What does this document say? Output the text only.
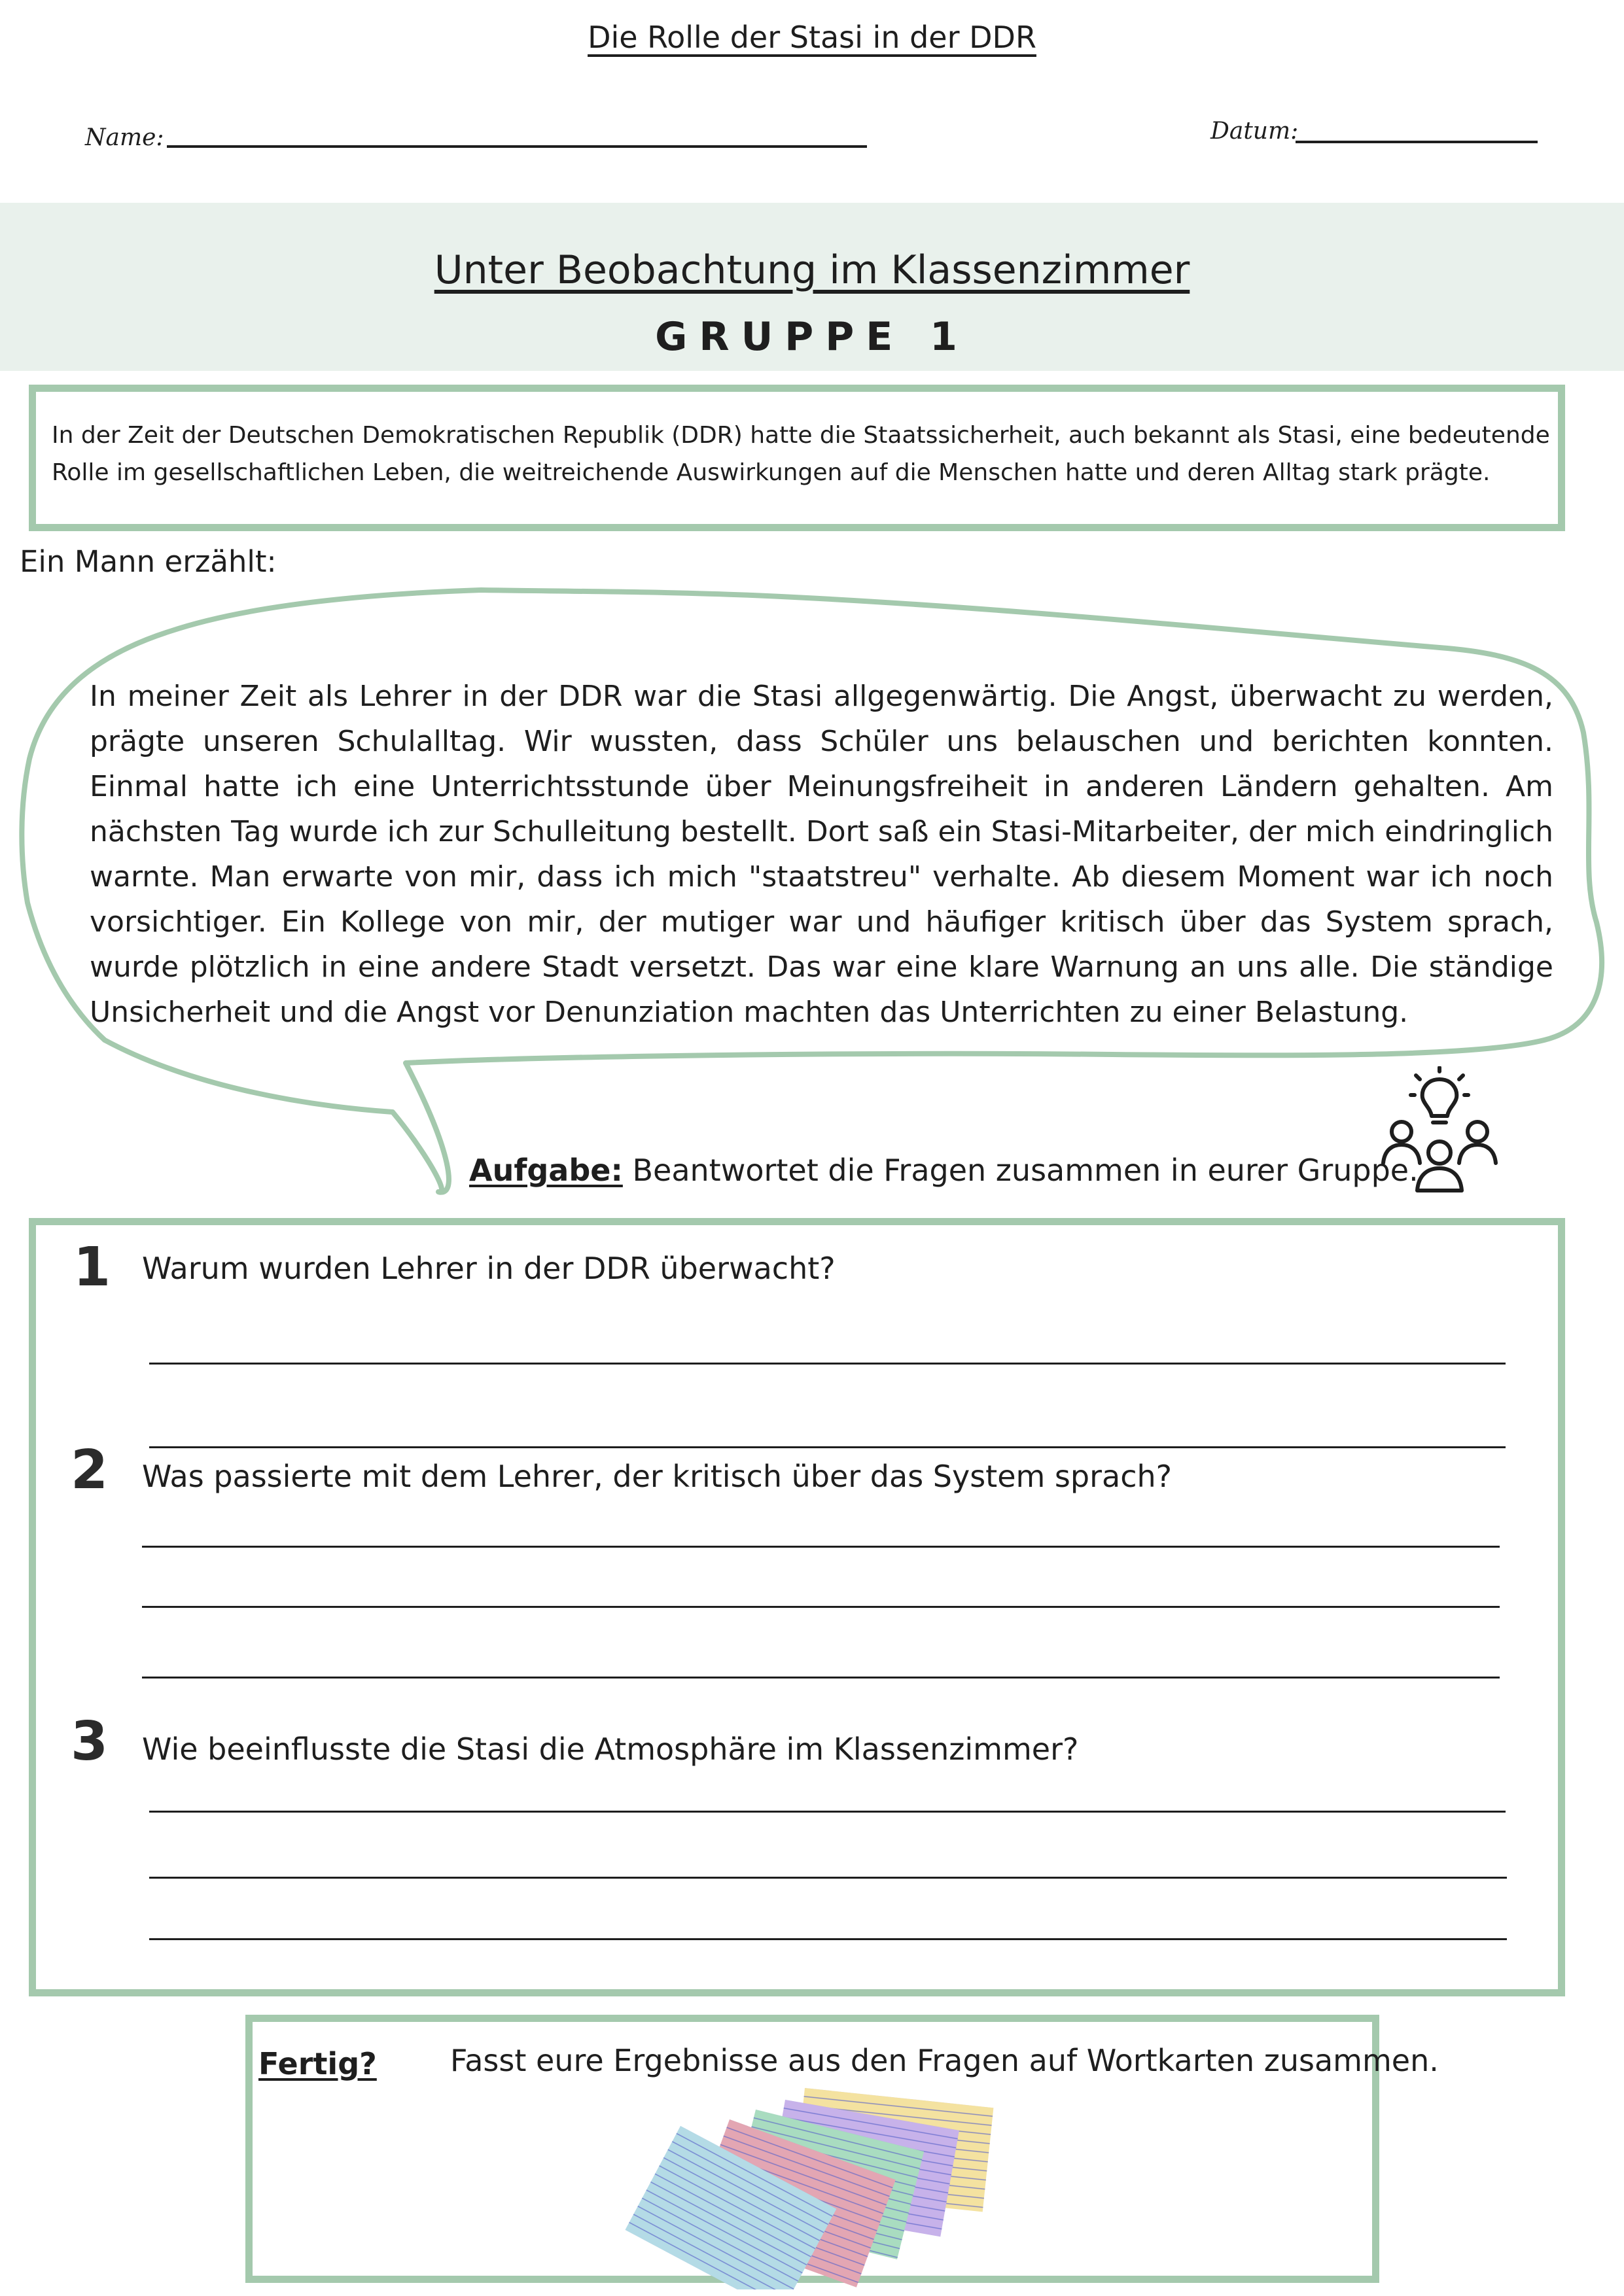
Die Rolle der Stasi in der DDR
Name:	Datum:
Unter Beobachtung im Klassenzimmer
GRUPPE 1
In der Zeit der Deutschen Demokratischen Republik (DDR) hatte die Staatssicherheit, auch bekannt als Stasi, eine bedeutende Rolle im gesellschaftlichen Leben, die weitreichende Auswirkungen auf die Menschen hatte und deren Alltag stark prägte.
Ein Mann erzählt:
In meiner Zeit als Lehrer in der DDR war die Stasi allgegenwärtig. Die Angst, überwacht zu werden, prägte unseren Schulalltag. Wir wussten, dass Schüler uns belauschen und berichten konnten. Einmal hatte ich eine Unterrichtsstunde über Meinungsfreiheit in anderen Ländern gehalten. Am nächsten Tag wurde ich zur Schulleitung bestellt. Dort saß ein Stasi-Mitarbeiter, der mich eindringlich warnte. Man erwarte von mir, dass ich mich "staatstreu" verhalte. Ab diesem Moment war ich noch vorsichtiger. Ein Kollege von mir, der mutiger war und häufiger kritisch über das System sprach, wurde plötzlich in eine andere Stadt versetzt. Das war eine klare Warnung an uns alle. Die ständige Unsicherheit und die Angst vor Denunziation machten das Unterrichten zu einer Belastung.
Aufgabe: Beantwortet die Fragen zusammen in eurer Gruppe.
1 Warum wurden Lehrer in der DDR überwacht?
2 Was passierte mit dem Lehrer, der kritisch über das System sprach?
3 Wie beeinflusste die Stasi die Atmosphäre im Klassenzimmer?
Fertig? Fasst eure Ergebnisse aus den Fragen auf Wortkarten zusammen.
